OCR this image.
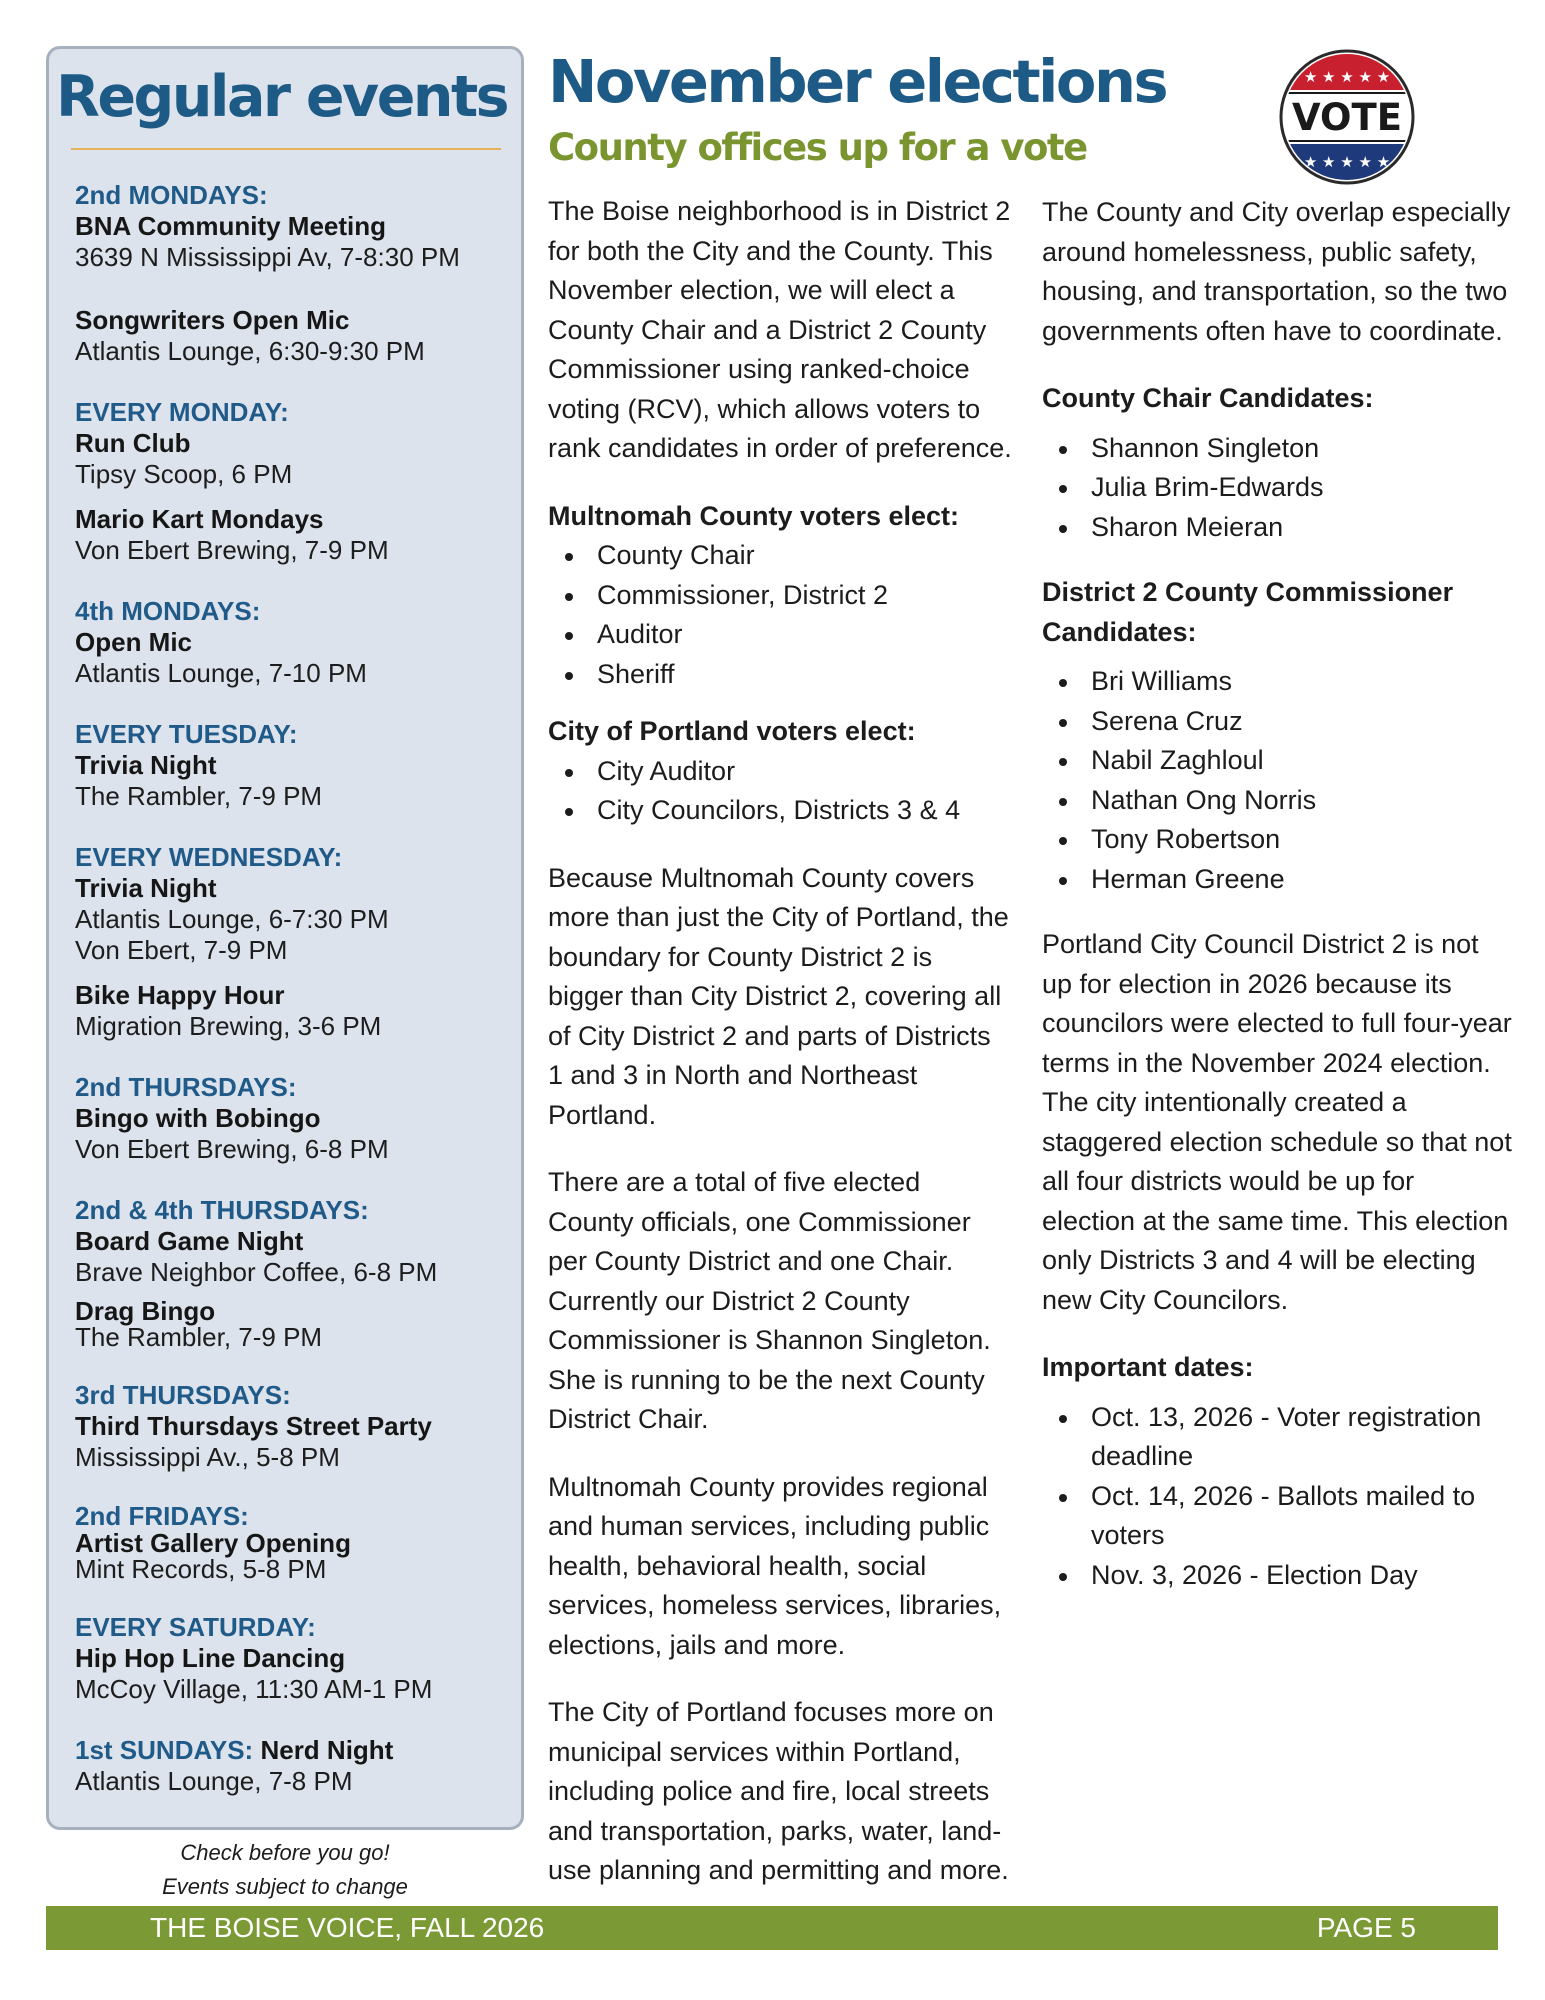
Regular events
2nd MONDAYS:
BNA Community Meeting
3639 N Mississippi Av, 7-8:30 PM
Songwriters Open Mic
Atlantis Lounge, 6:30-9:30 PM
EVERY MONDAY:
Run Club
Tipsy Scoop, 6 PM
Mario Kart Mondays
Von Ebert Brewing, 7-9 PM
4th MONDAYS:
Open Mic
Atlantis Lounge, 7-10 PM
EVERY TUESDAY:
Trivia Night
The Rambler, 7-9 PM
EVERY WEDNESDAY:
Trivia Night
Atlantis Lounge, 6-7:30 PM
Von Ebert, 7-9 PM
Bike Happy Hour
Migration Brewing, 3-6 PM
2nd THURSDAYS:
Bingo with Bobingo
Von Ebert Brewing, 6-8 PM
2nd & 4th THURSDAYS:
Board Game Night
Brave Neighbor Coffee, 6-8 PM
Drag Bingo
The Rambler, 7-9 PM
3rd THURSDAYS:
Third Thursdays Street Party
Mississippi Av., 5-8 PM
2nd FRIDAYS:
Artist Gallery Opening
Mint Records, 5-8 PM
EVERY SATURDAY:
Hip Hop Line Dancing
McCoy Village, 11:30 AM-1 PM
1st SUNDAYS: Nerd Night
Atlantis Lounge, 7-8 PM
Check before you go!
Events subject to change
November elections
County offices up for a vote
★ ★ ★ ★ ★
★ ★ ★ ★ ★
VOTE

The Boise neighborhood is in District 2 for both the City and the County. This November election, we will elect a County Chair and a District 2 County Commissioner using ranked-choice voting (RCV), which allows voters to rank candidates in order of preference.

Multnomah County voters elect:

County Chair
Commissioner, District 2
Auditor
Sheriff

City of Portland voters elect:

City Auditor
City Councilors, Districts 3 & 4

Because Multnomah County covers more than just the City of Portland, the boundary for County District 2 is bigger than City District 2, covering all of City District 2 and parts of Districts 1 and 3 in North and Northeast Portland.

There are a total of five elected County officials, one Commissioner per County District and one Chair. Currently our District 2 County Commissioner is Shannon Singleton. She is running to be the next County District Chair.

Multnomah County provides regional and human services, including public health, behavioral health, social services, homeless services, libraries, elections, jails and more.

The City of Portland focuses more on municipal services within Portland, including police and fire, local streets and transportation, parks, water, land-use planning and permitting and more.

The County and City overlap especially around homelessness, public safety, housing, and transportation, so the two governments often have to coordinate.

County Chair Candidates:

Shannon Singleton
Julia Brim-Edwards
Sharon Meieran

District 2 County Commissioner Candidates:

Bri Williams
Serena Cruz
Nabil Zaghloul
Nathan Ong Norris
Tony Robertson
Herman Greene

Portland City Council District 2 is not up for election in 2026 because its councilors were elected to full four-year terms in the November 2024 election. The city intentionally created a staggered election schedule so that not all four districts would be up for election at the same time. This election only Districts 3 and 4 will be electing new City Councilors.

Important dates:

Oct. 13, 2026 - Voter registration deadline
Oct. 14, 2026 - Ballots mailed to voters
Nov. 3, 2026 - Election Day
THE BOISE VOICE, FALL 2026	PAGE 5
